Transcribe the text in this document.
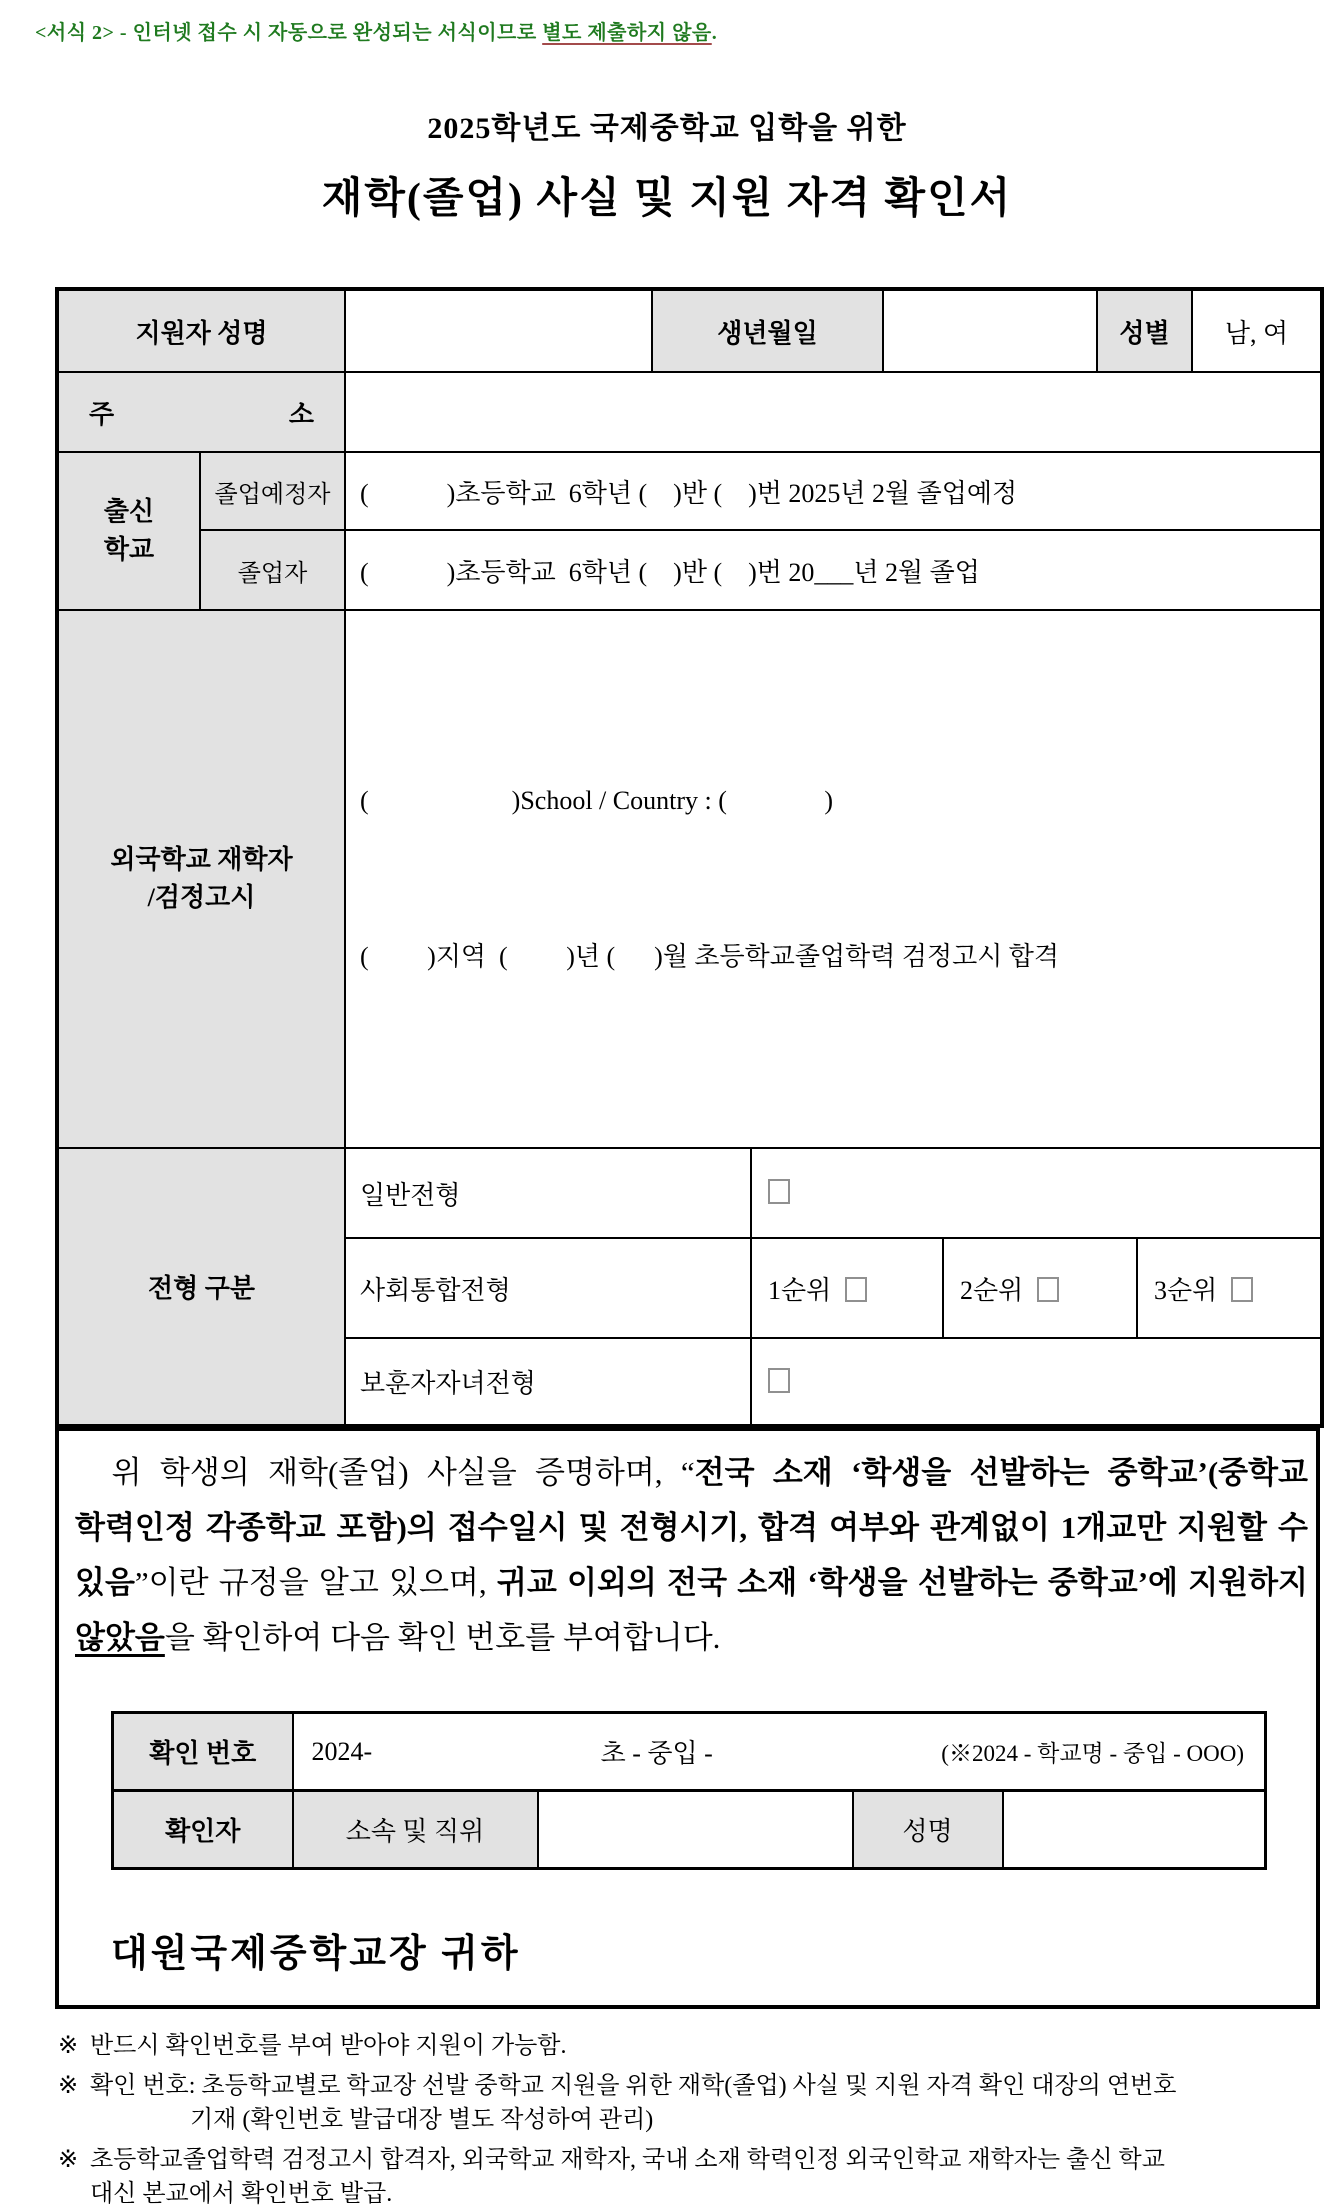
<서식 2> - 인터넷 접수 시 자동으로 완성되는 서식이므로 별도 제출하지 않음.
2025학년도 국제중학교 입학을 위한
재학(졸업) 사실 및 지원 자격 확인서
지원자 성명			생년월일				성별		남, 여

주 소									

출신
학교	졸업예정자	(            )초등학교  6학년 (    )반 (    )번 2025년 2월 졸업예정							
	졸업자	(            )초등학교  6학년 (    )반 (    )번 20___년 2월 졸업							

외국학교 재학자
/검정고시

(                      )School / Country : (               )

(         )지역  (         )년 (      )월 초등학교졸업학력 검정고시 합격

전형 구분		일반전형							
		사회통합전형		1순위		2순위		3순위	
		보훈자자녀전형							
위 학생의 재학(졸업) 사실을 증명하며, “전국 소재 ‘학생을 선발하는 중학교’(중학교 학력인정 각종학교 포함)의 접수일시 및 전형시기, 합격 여부와 관계없이 1개교만 지원할 수 있음”이란 규정을 알고 있으며, 귀교 이외의 전국 소재 ‘학생을 선발하는 중학교’에 지원하지 않았음을 확인하여 다음 확인 번호를 부여합니다.
확인 번호	2024- 초 - 중입 - (※2024 - 학교명 - 중입 - OOO)			

확인자	소속 및 직위		성명	
대원국제중학교장 귀하
※ 반드시 확인번호를 부여 받아야 지원이 가능함.
※ 확인 번호: 초등학교별로 학교장 선발 중학교 지원을 위한 재학(졸업) 사실 및 지원 자격 확인 대장의 연번호
기재 (확인번호 발급대장 별도 작성하여 관리)
※ 초등학교졸업학력 검정고시 합격자, 외국학교 재학자, 국내 소재 학력인정 외국인학교 재학자는 출신 학교
대신 본교에서 확인번호 발급.
